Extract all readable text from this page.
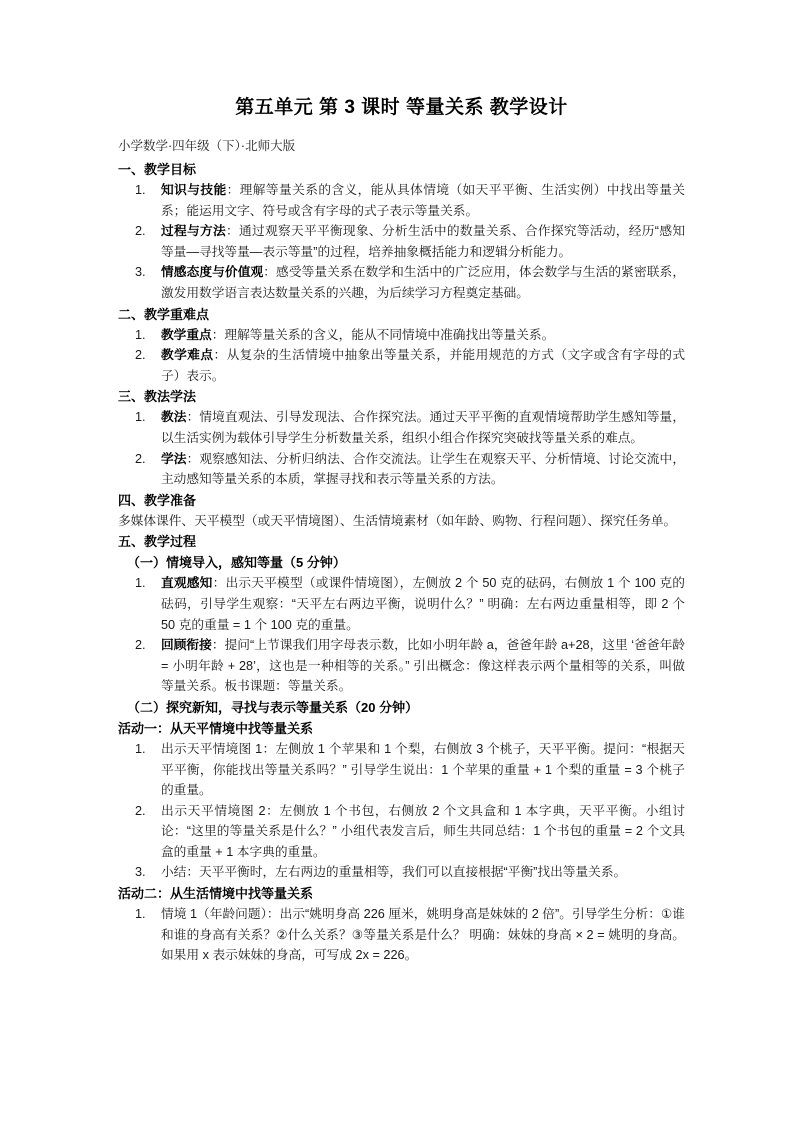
第五单元 第 3 课时 等量关系 教学设计

小学数学·四年级（下）·北师大版

一、教学目标

1.	知识与技能：理解等量关系的含义，能从具体情境（如天平平衡、生活实例）中找出等量关系；能运用文字、符号或含有字母的式子表示等量关系。
2.	过程与方法：通过观察天平平衡现象、分析生活中的数量关系、合作探究等活动，经历“感知等量—寻找等量—表示等量”的过程，培养抽象概括能力和逻辑分析能力。
3.	情感态度与价值观：感受等量关系在数学和生活中的广泛应用，体会数学与生活的紧密联系，激发用数学语言表达数量关系的兴趣，为后续学习方程奠定基础。

二、教学重难点

1.	教学重点：理解等量关系的含义，能从不同情境中准确找出等量关系。
2.	教学难点：从复杂的生活情境中抽象出等量关系，并能用规范的方式（文字或含有字母的式子）表示。

三、教法学法

1.	教法：情境直观法、引导发现法、合作探究法。通过天平平衡的直观情境帮助学生感知等量，以生活实例为载体引导学生分析数量关系，组织小组合作探究突破找等量关系的难点。
2.	学法：观察感知法、分析归纳法、合作交流法。让学生在观察天平、分析情境、讨论交流中，主动感知等量关系的本质，掌握寻找和表示等量关系的方法。

四、教学准备

多媒体课件、天平模型（或天平情境图）、生活情境素材（如年龄、购物、行程问题）、探究任务单。

五、教学过程

（一）情境导入，感知等量（5 分钟）

1.	直观感知：出示天平模型（或课件情境图），左侧放 2 个 50 克的砝码，右侧放 1 个 100 克的砝码，引导学生观察：“天平左右两边平衡，说明什么？” 明确：左右两边重量相等，即 2 个 50 克的重量 = 1 个 100 克的重量。
2.	回顾衔接：提问“上节课我们用字母表示数，比如小明年龄 a，爸爸年龄 a+28，这里 ‘爸爸年龄 = 小明年龄 + 28’，这也是一种相等的关系。” 引出概念：像这样表示两个量相等的关系，叫做等量关系。板书课题：等量关系。

（二）探究新知，寻找与表示等量关系（20 分钟）

活动一：从天平情境中找等量关系

1.	出示天平情境图 1：左侧放 1 个苹果和 1 个梨，右侧放 3 个桃子，天平平衡。提问：“根据天平平衡，你能找出等量关系吗？” 引导学生说出：1 个苹果的重量 + 1 个梨的重量 = 3 个桃子的重量。
2.	出示天平情境图 2：左侧放 1 个书包，右侧放 2 个文具盒和 1 本字典，天平平衡。小组讨论：“这里的等量关系是什么？” 小组代表发言后，师生共同总结：1 个书包的重量 = 2 个文具盒的重量 + 1 本字典的重量。
3.	小结：天平平衡时，左右两边的重量相等，我们可以直接根据“平衡”找出等量关系。

活动二：从生活情境中找等量关系

1.	情境 1（年龄问题）：出示“姚明身高 226 厘米，姚明身高是妹妹的 2 倍”。引导学生分析：①谁和谁的身高有关系？②什么关系？③等量关系是什么？ 明确：妹妹的身高 × 2 = 姚明的身高。如果用 x 表示妹妹的身高，可写成 2x = 226。
